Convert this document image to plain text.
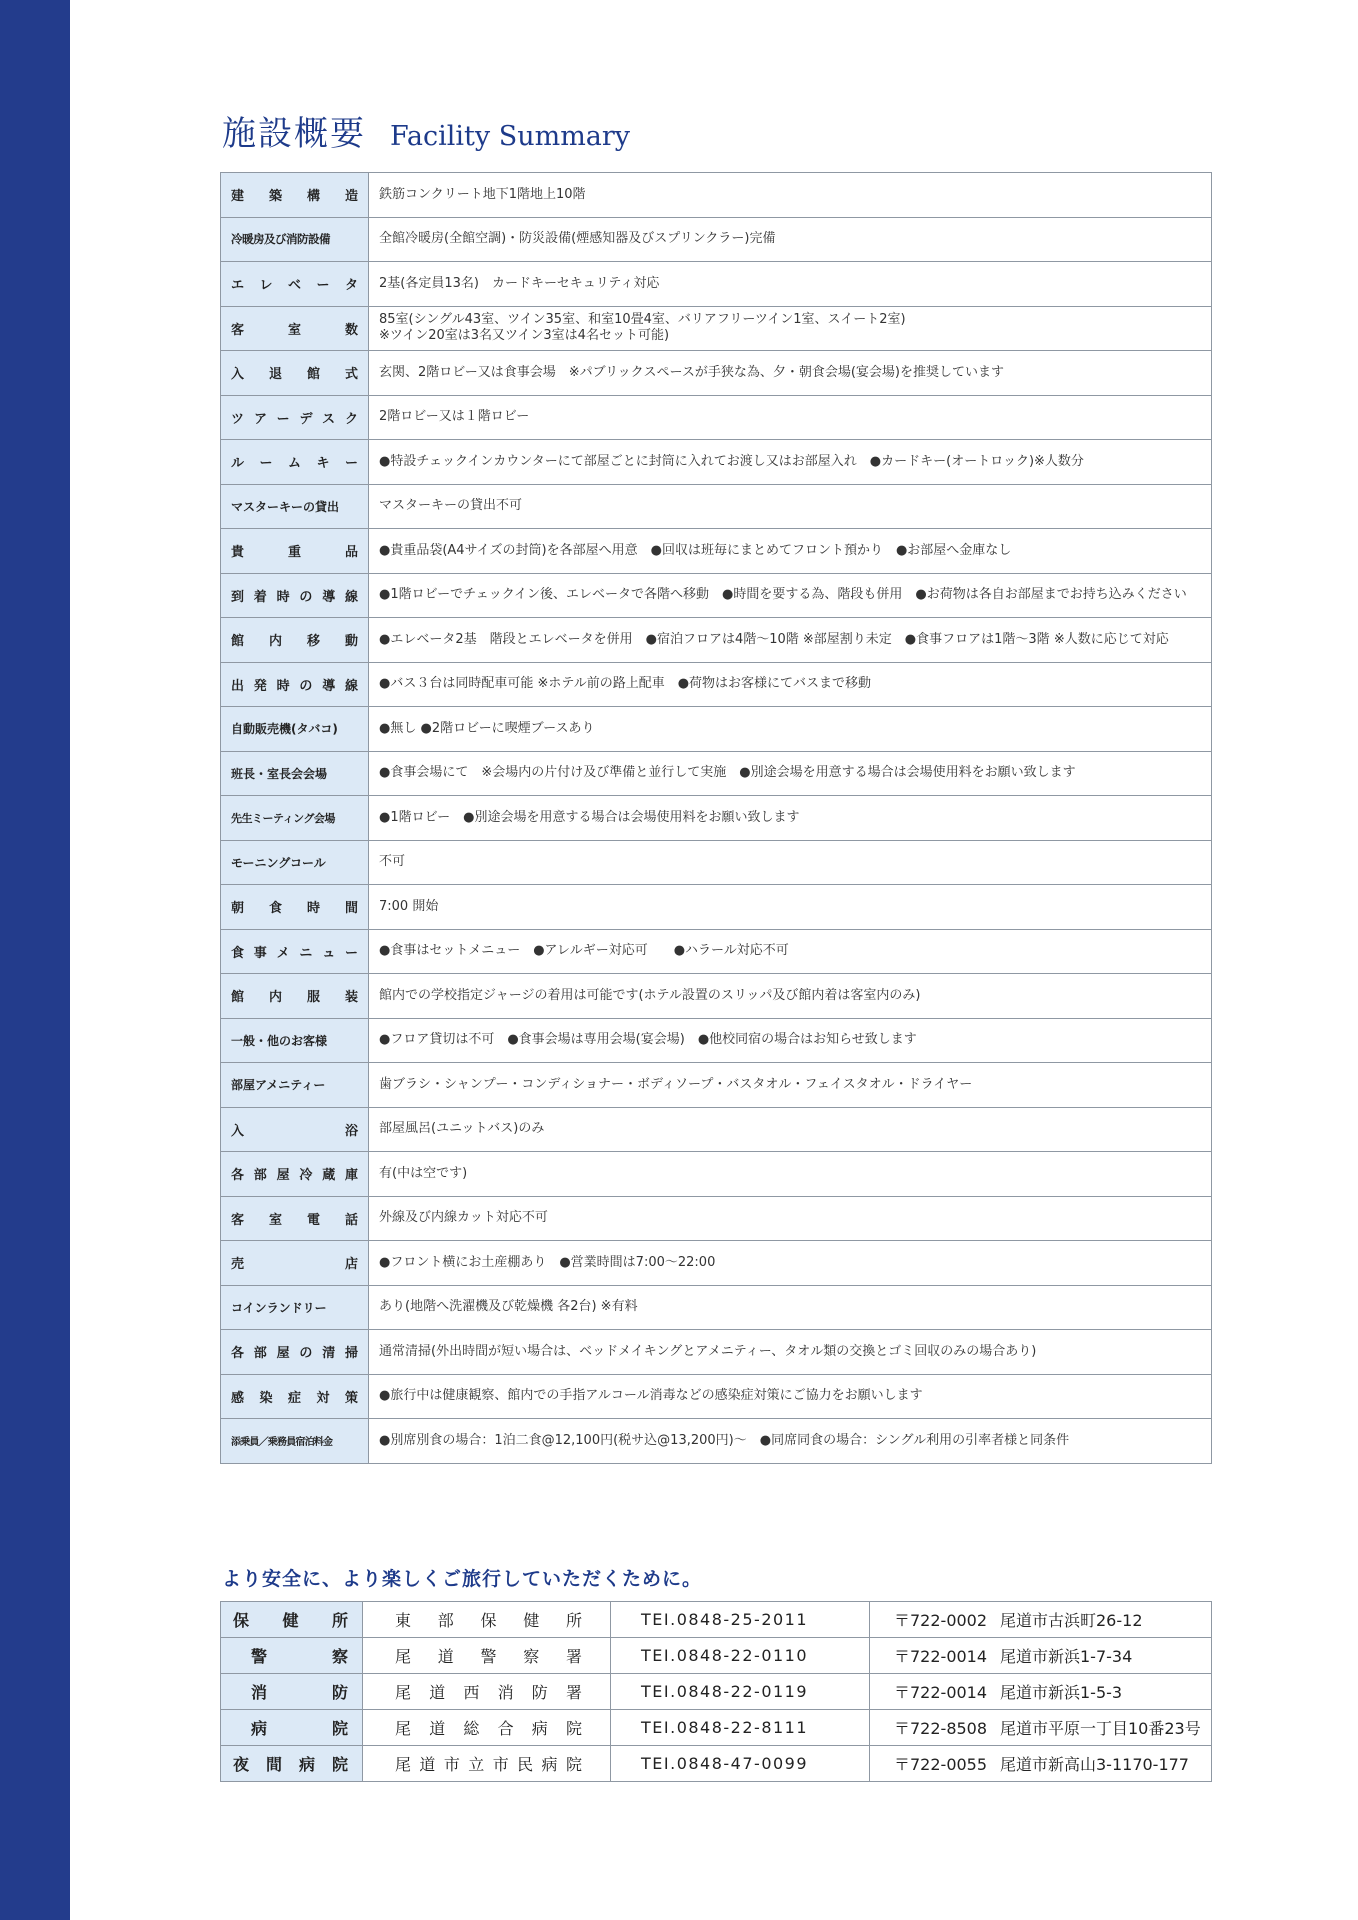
施設概要 Facility Summary
建築構造	鉄筋コンクリート地下1階地上10階
冷暖房及び消防設備	全館冷暖房(全館空調)・防災設備(煙感知器及びスプリンクラー)完備
エレベータ	2基(各定員13名)　カードキーセキュリティ対応
客室数	85室(シングル43室、ツイン35室、和室10畳4室、バリアフリーツイン1室、スイート2室)
※ツイン20室は3名又ツイン3室は4名セット可能)
入退館式	玄関、2階ロビー又は食事会場　※パブリックスペースが手狭な為、夕・朝食会場(宴会場)を推奨しています
ツアーデスク	2階ロビー又は１階ロビー
ルームキー	●特設チェックインカウンターにて部屋ごとに封筒に入れてお渡し又はお部屋入れ　●カードキー(オートロック)※人数分
マスターキーの貸出	マスターキーの貸出不可
貴重品	●貴重品袋(A4サイズの封筒)を各部屋へ用意　●回収は班毎にまとめてフロント預かり　●お部屋へ金庫なし
到着時の導線	●1階ロビーでチェックイン後、エレベータで各階へ移動　●時間を要する為、階段も併用　●お荷物は各自お部屋までお持ち込みください
館内移動	●エレベータ2基　階段とエレベータを併用　●宿泊フロアは4階〜10階 ※部屋割り未定　●食事フロアは1階〜3階 ※人数に応じて対応
出発時の導線	●バス３台は同時配車可能 ※ホテル前の路上配車　●荷物はお客様にてバスまで移動
自動販売機(タバコ)	●無し ●2階ロビーに喫煙ブースあり
班長・室長会会場	●食事会場にて　※会場内の片付け及び準備と並行して実施　●別途会場を用意する場合は会場使用料をお願い致します
先生ミーティング会場	●1階ロビー　●別途会場を用意する場合は会場使用料をお願い致します
モーニングコール	不可
朝食時間	7:00 開始
食事メニュー	●食事はセットメニュー　●アレルギー対応可　　●ハラール対応不可
館内服装	館内での学校指定ジャージの着用は可能です(ホテル設置のスリッパ及び館内着は客室内のみ)
一般・他のお客様	●フロア貸切は不可　●食事会場は専用会場(宴会場)　●他校同宿の場合はお知らせ致します
部屋アメニティー	歯ブラシ・シャンプー・コンディショナー・ボディソープ・バスタオル・フェイスタオル・ドライヤー
入浴	部屋風呂(ユニットバス)のみ
各部屋冷蔵庫	有(中は空です)
客室電話	外線及び内線カット対応不可
売店	●フロント横にお土産棚あり　●営業時間は7:00〜22:00
コインランドリー	あり(地階へ洗濯機及び乾燥機 各2台) ※有料
各部屋の清掃	通常清掃(外出時間が短い場合は、ベッドメイキングとアメニティー、タオル類の交換とゴミ回収のみの場合あり)
感染症対策	●旅行中は健康観察、館内での手指アルコール消毒などの感染症対策にご協力をお願いします
添乗員／乗務員宿泊料金	●別席別食の場合：1泊二食@12,100円(税サ込@13,200円)〜　●同席同食の場合：シングル利用の引率者様と同条件
より安全に、より楽しくご旅行していただくために。
保健所	東部保健所	TEI.0848-25-2011	〒722-0002 尾道市古浜町26-12
警察	尾道警察署	TEI.0848-22-0110	〒722-0014 尾道市新浜1-7-34
消防	尾道西消防署	TEI.0848-22-0119	〒722-0014 尾道市新浜1-5-3
病院	尾道総合病院	TEI.0848-22-8111	〒722-8508 尾道市平原一丁目10番23号
夜間病院	尾道市立市民病院	TEI.0848-47-0099	〒722-0055 尾道市新高山3-1170-177
